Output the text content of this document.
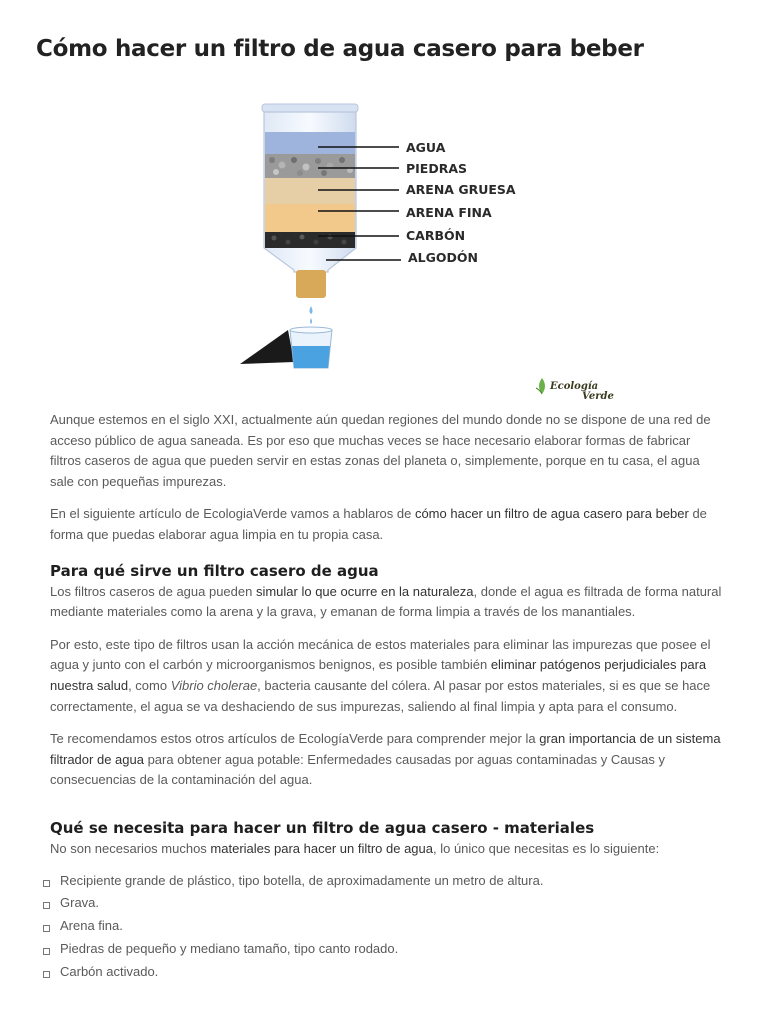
Cómo hacer un filtro de agua casero para beber
AGUA
PIEDRAS
ARENA GRUESA
ARENA FINA
CARBÓN
ALGODÓN
Ecología
Verde

Aunque estemos en el siglo XXI, actualmente aún quedan regiones del mundo donde no se dispone de una red de acceso público de agua saneada. Es por eso que muchas veces se hace necesario elaborar formas de fabricar filtros caseros de agua que pueden servir en estas zonas del planeta o, simplemente, porque en tu casa, el agua sale con pequeñas impurezas.

En el siguiente artículo de EcologiaVerde vamos a hablaros de cómo hacer un filtro de agua casero para beber de forma que puedas elaborar agua limpia en tu propia casa.

Para qué sirve un filtro casero de agua

Los filtros caseros de agua pueden simular lo que ocurre en la naturaleza, donde el agua es filtrada de forma natural mediante materiales como la arena y la grava, y emanan de forma limpia a través de los manantiales.

Por esto, este tipo de filtros usan la acción mecánica de estos materiales para eliminar las impurezas que posee el agua y junto con el carbón y microorganismos benignos, es posible también eliminar patógenos perjudiciales para nuestra salud, como Vibrio cholerae, bacteria causante del cólera. Al pasar por estos materiales, si es que se hace correctamente, el agua se va deshaciendo de sus impurezas, saliendo al final limpia y apta para el consumo.

Te recomendamos estos otros artículos de EcologíaVerde para comprender mejor la gran importancia de un sistema filtrador de agua para obtener agua potable: Enfermedades causadas por aguas contaminadas y Causas y consecuencias de la contaminación del agua.

Qué se necesita para hacer un filtro de agua casero - materiales

No son necesarios muchos materiales para hacer un filtro de agua, lo único que necesitas es lo siguiente:

Recipiente grande de plástico, tipo botella, de aproximadamente un metro de altura.
Grava.
Arena fina.
Piedras de pequeño y mediano tamaño, tipo canto rodado.
Carbón activado.
